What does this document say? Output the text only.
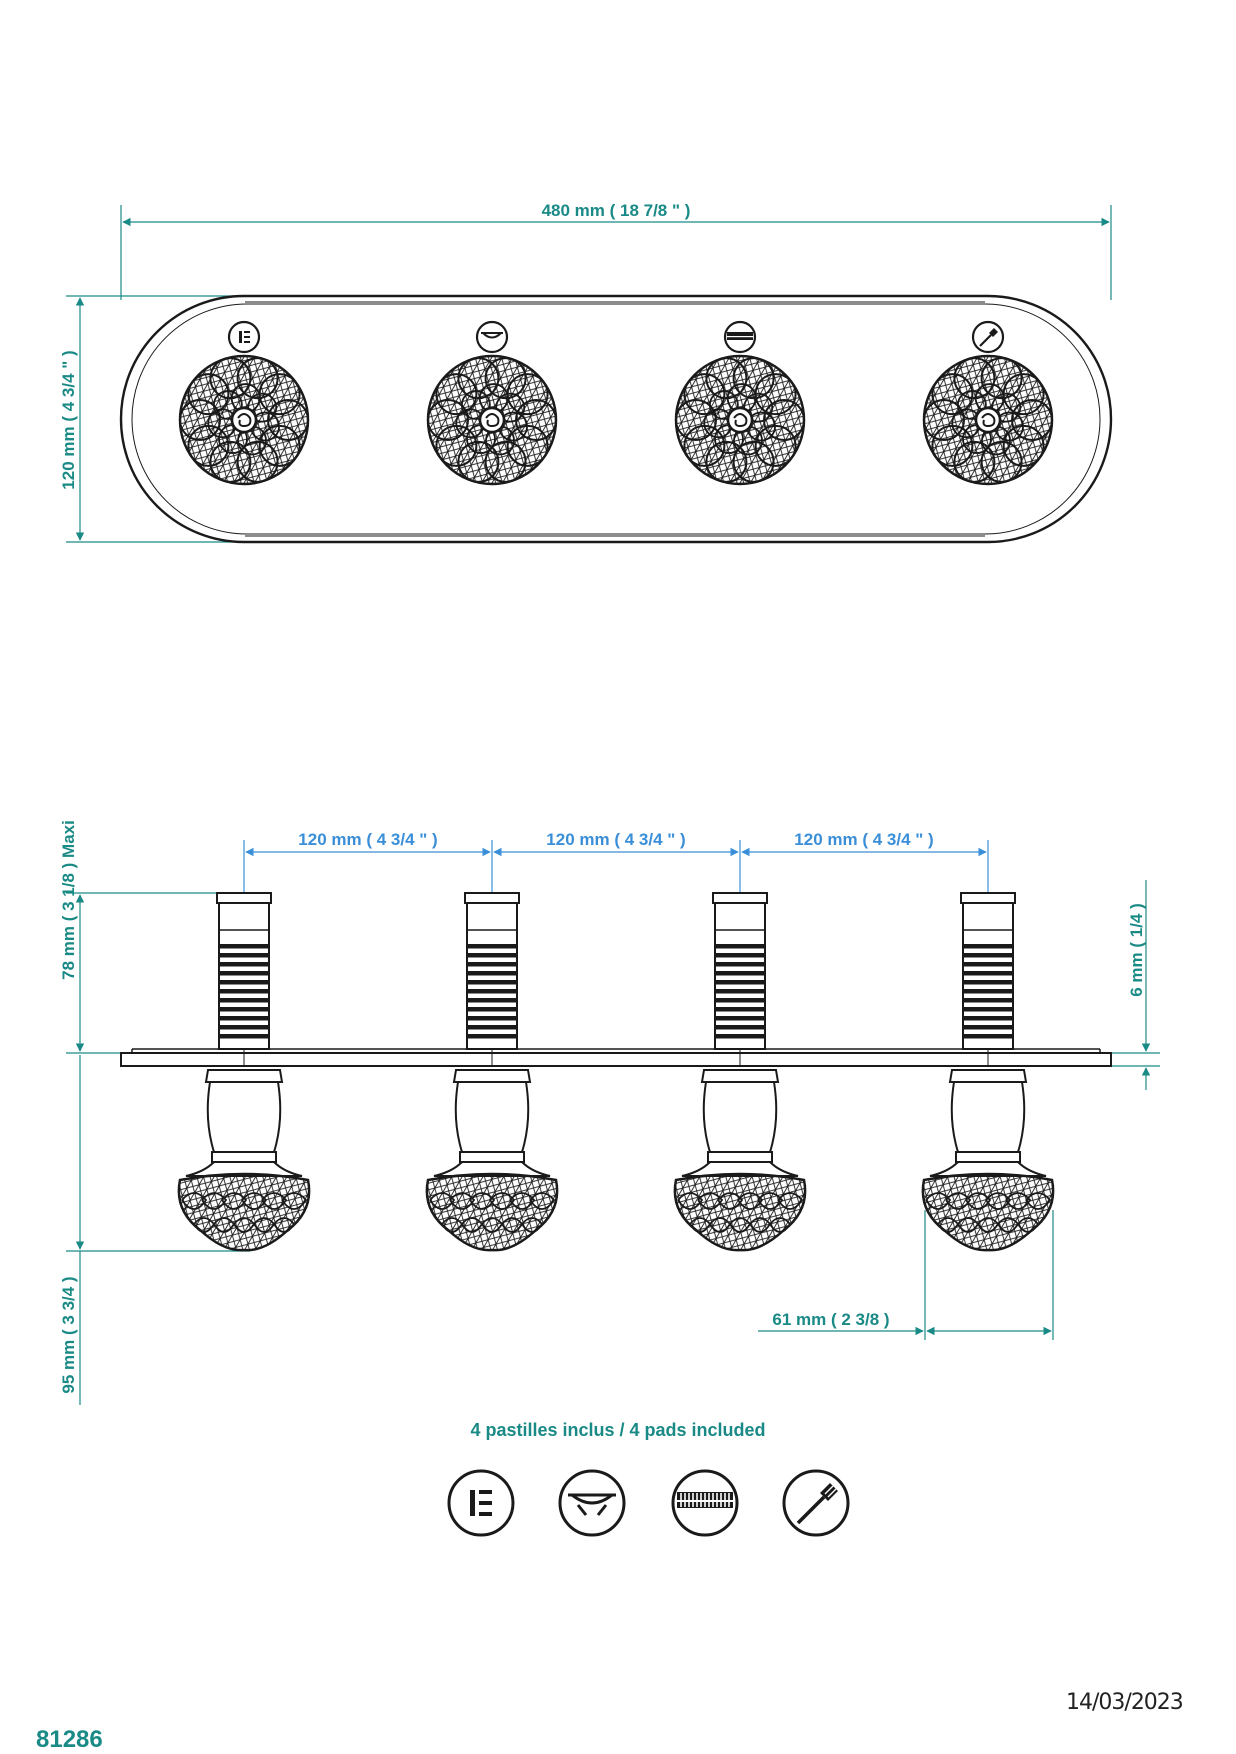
480 mm ( 18 7/8 " )
120 mm ( 4 3/4 " )
120 mm ( 4 3/4 " )	120 mm ( 4 3/4 " )	120 mm ( 4 3/4 " )
78 mm ( 3 1/8 ) Maxi
95 mm ( 3 3/4 )
6 mm ( 1/4 )
61 mm ( 2 3/8 )
4 pastilles inclus / 4 pads included
81286
14/03/2023
